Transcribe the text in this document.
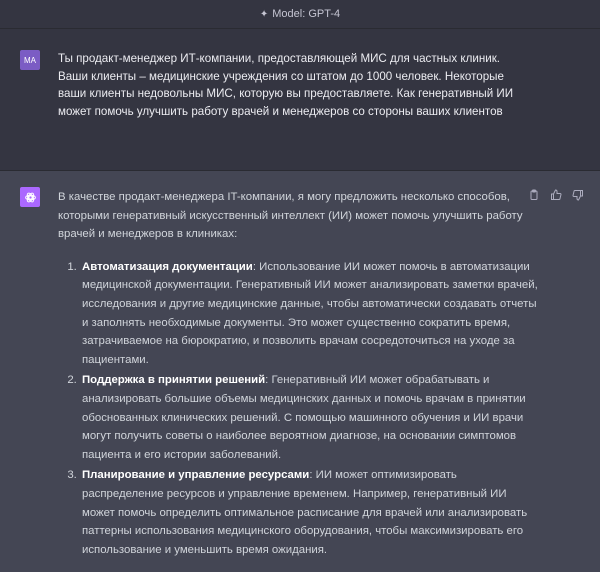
✦ Model: GPT-4
MA	Ты продакт-менеджер ИТ-компании, предоставляющей МИС для частных клиник. Ваши клиенты – медицинские учреждения со штатом до 1000 человек. Некоторые ваши клиенты недовольны МИС, которую вы предоставляете. Как генеративный ИИ может помочь улучшить работу врачей и менеджеров со стороны ваших клиентов

В качестве продакт-менеджера IT-компании, я могу предложить несколько способов, которыми генеративный искусственный интеллект (ИИ) может помочь улучшить работу врачей и менеджеров в клиниках:

1. Автоматизация документации: Использование ИИ может помочь в автоматизации медицинской документации. Генеративный ИИ может анализировать заметки врачей, исследования и другие медицинские данные, чтобы автоматически создавать отчеты и заполнять необходимые документы. Это может существенно сократить время, затрачиваемое на бюрократию, и позволить врачам сосредоточиться на уходе за пациентами.
2. Поддержка в принятии решений: Генеративный ИИ может обрабатывать и анализировать большие объемы медицинских данных и помочь врачам в принятии обоснованных клинических решений. С помощью машинного обучения и ИИ врачи могут получить советы о наиболее вероятном диагнозе, на основании симптомов пациента и его истории заболеваний.
3. Планирование и управление ресурсами: ИИ может оптимизировать распределение ресурсов и управление временем. Например, генеративный ИИ может помочь определить оптимальное расписание для врачей или анализировать паттерны использования медицинского оборудования, чтобы максимизировать его использование и уменьшить время ожидания.
